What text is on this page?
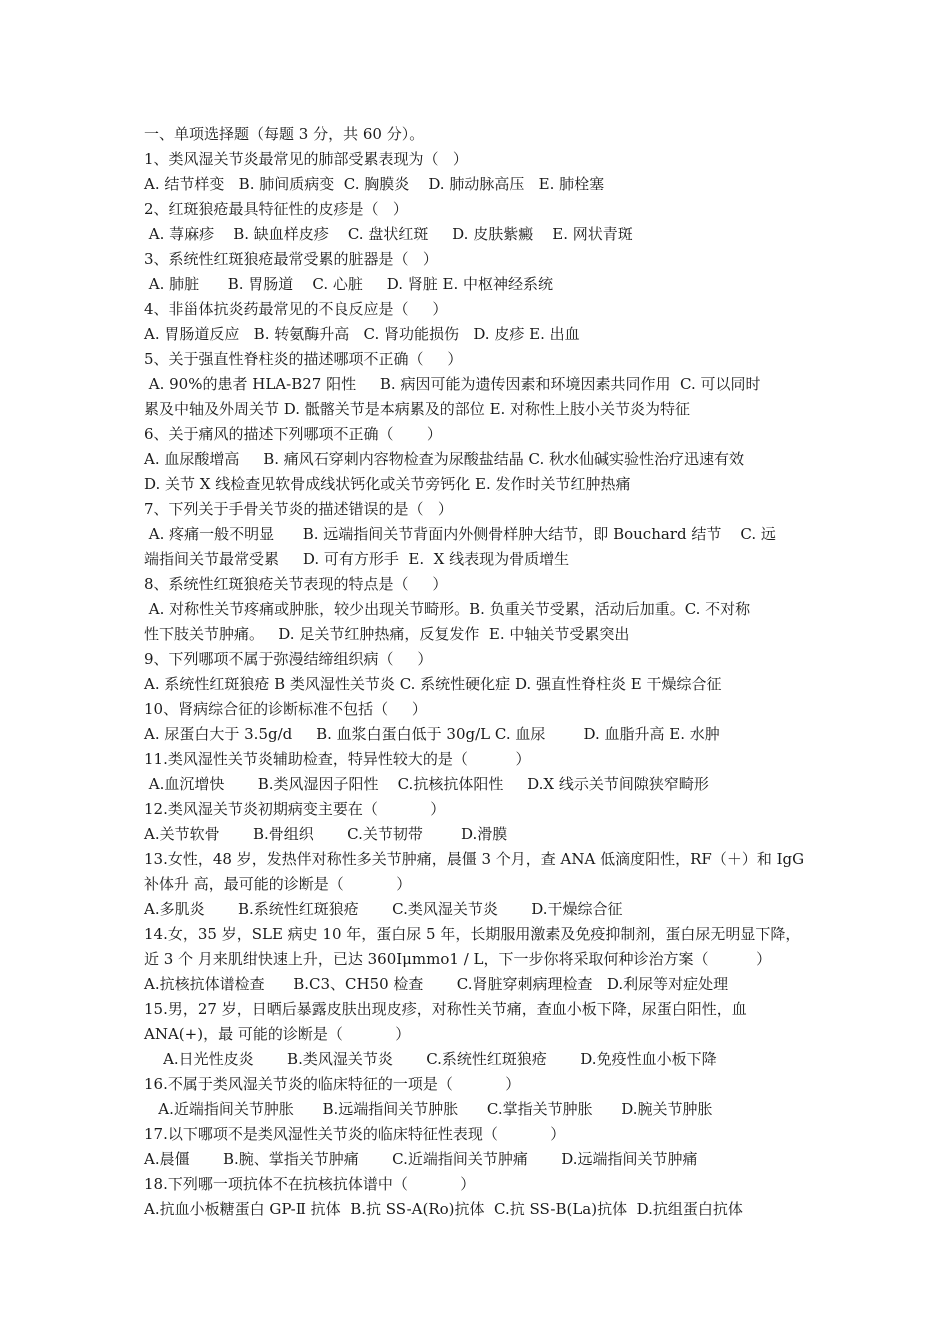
一、单项选择题（每题 3 分，共 60 分）。
1、类风湿关节炎最常见的肺部受累表现为（   ）
A. 结节样变   B. 肺间质病变  C. 胸膜炎    D. 肺动脉高压   E. 肺栓塞
2、红斑狼疮最具特征性的皮疹是（   ）
A. 荨麻疹    B. 缺血样皮疹    C. 盘状红斑     D. 皮肤紫癜    E. 网状青斑
3、系统性红斑狼疮最常受累的脏器是（   ）
A. 肺脏      B. 胃肠道    C. 心脏     D. 肾脏 E. 中枢神经系统
4、非甾体抗炎药最常见的不良反应是（     ）
A. 胃肠道反应   B. 转氨酶升高   C. 肾功能损伤   D. 皮疹 E. 出血
5、关于强直性脊柱炎的描述哪项不正确（     ）
A. 90%的患者 HLA-B27 阳性     B. 病因可能为遗传因素和环境因素共同作用  C. 可以同时
累及中轴及外周关节 D. 骶髂关节是本病累及的部位 E. 对称性上肢小关节炎为特征
6、关于痛风的描述下列哪项不正确（       ）
A. 血尿酸增高     B. 痛风石穿刺内容物检查为尿酸盐结晶 C. 秋水仙碱实验性治疗迅速有效
D. 关节 X 线检查见软骨成线状钙化或关节旁钙化 E. 发作时关节红肿热痛
7、下列关于手骨关节炎的描述错误的是（   ）
A. 疼痛一般不明显      B. 远端指间关节背面内外侧骨样肿大结节，即 Bouchard 结节    C. 远
端指间关节最常受累     D. 可有方形手  E.  X 线表现为骨质增生
8、系统性红斑狼疮关节表现的特点是（     ）
A. 对称性关节疼痛或肿胀，较少出现关节畸形。B. 负重关节受累，活动后加重。C. 不对称
性下肢关节肿痛。   D. 足关节红肿热痛，反复发作  E. 中轴关节受累突出
9、下列哪项不属于弥漫结缔组织病（     ）
A. 系统性红斑狼疮 B 类风湿性关节炎 C. 系统性硬化症 D. 强直性脊柱炎 E 干燥综合征
10、肾病综合征的诊断标准不包括（     ）
A. 尿蛋白大于 3.5g/d     B. 血浆白蛋白低于 30g/L C. 血尿        D. 血脂升高 E. 水肿
11.类风湿性关节炎辅助检查，特异性较大的是（          ）
A.血沉增快       B.类风湿因子阳性    C.抗核抗体阳性     D.X 线示关节间隙狭窄畸形
12.类风湿关节炎初期病变主要在（           ）
A.关节软骨       B.骨组织       C.关节韧带        D.滑膜
13.女性，48 岁，发热伴对称性多关节肿痛，晨僵 3 个月，查 ANA 低滴度阳性，RF（＋）和 IgG
补体升 高，最可能的诊断是（           ）
A.多肌炎       B.系统性红斑狼疮       C.类风湿关节炎       D.干燥综合征
14.女，35 岁，SLE 病史 10 年，蛋白尿 5 年，长期服用激素及免疫抑制剂，蛋白尿无明显下降，
近 3 个 月来肌绀快速上升，已达 360Iμmmo1 / L，下一步你将采取何种诊治方案（          ）
A.抗核抗体谱检查      B.C3、CH50 检查       C.肾脏穿刺病理检查   D.利尿等对症处理
15.男，27 岁，日晒后暴露皮肤出现皮疹，对称性关节痛，查血小板下降，尿蛋白阳性，血
ANA(+)，最 可能的诊断是（           ）
A.日光性皮炎       B.类风湿关节炎       C.系统性红斑狼疮       D.免疫性血小板下降
16.不属于类风湿关节炎的临床特征的一项是（           ）
A.近端指间关节肿胀      B.远端指间关节肿胀      C.掌指关节肿胀      D.腕关节肿胀
17.以下哪项不是类风湿性关节炎的临床特征性表现（           ）
A.晨僵       B.腕、掌指关节肿痛       C.近端指间关节肿痛       D.远端指间关节肿痛
18.下列哪一项抗体不在抗核抗体谱中（           ）
A.抗血小板糖蛋白 GP-Ⅱ 抗体  B.抗 SS-A(Ro)抗体  C.抗 SS-B(La)抗体  D.抗组蛋白抗体
